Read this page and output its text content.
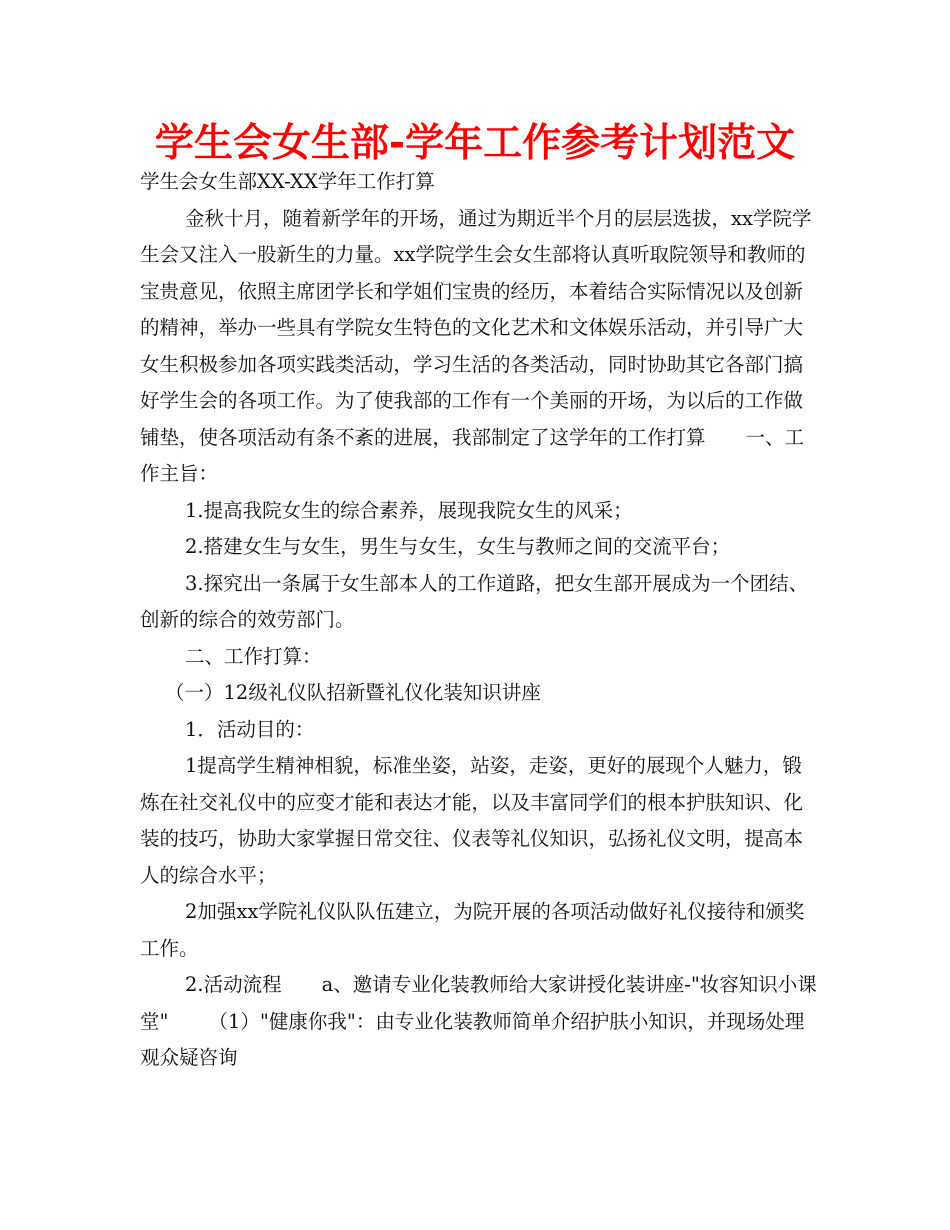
学生会女生部-学年工作参考计划范文

学生会女生部XX-XX学年工作打算

金秋十月，随着新学年的开场，通过为期近半个月的层层选拔，xx学院学生会又注入一股新生的力量。xx学院学生会女生部将认真听取院领导和教师的宝贵意见，依照主席团学长和学姐们宝贵的经历，本着结合实际情况以及创新的精神，举办一些具有学院女生特色的文化艺术和文体娱乐活动，并引导广大女生积极参加各项实践类活动，学习生活的各类活动，同时协助其它各部门搞好学生会的各项工作。为了使我部的工作有一个美丽的开场，为以后的工作做铺垫，使各项活动有条不紊的进展，我部制定了这学年的工作打算 一、工作主旨：

1.提高我院女生的综合素养，展现我院女生的风采；

2.搭建女生与女生，男生与女生，女生与教师之间的交流平台；

3.探究出一条属于女生部本人的工作道路，把女生部开展成为一个团结、创新的综合的效劳部门。

二、工作打算：

（一）12级礼仪队招新暨礼仪化装知识讲座

1．活动目的：

1提高学生精神相貌，标准坐姿，站姿，走姿，更好的展现个人魅力，锻炼在社交礼仪中的应变才能和表达才能，以及丰富同学们的根本护肤知识、化装的技巧，协助大家掌握日常交往、仪表等礼仪知识，弘扬礼仪文明，提高本人的综合水平；

2加强xx学院礼仪队队伍建立，为院开展的各项活动做好礼仪接待和颁奖工作。

2.活动流程 a、邀请专业化装教师给大家讲授化装讲座-"妆容知识小课堂" （1）"健康你我"：由专业化装教师简单介绍护肤小知识，并现场处理观众疑咨询
